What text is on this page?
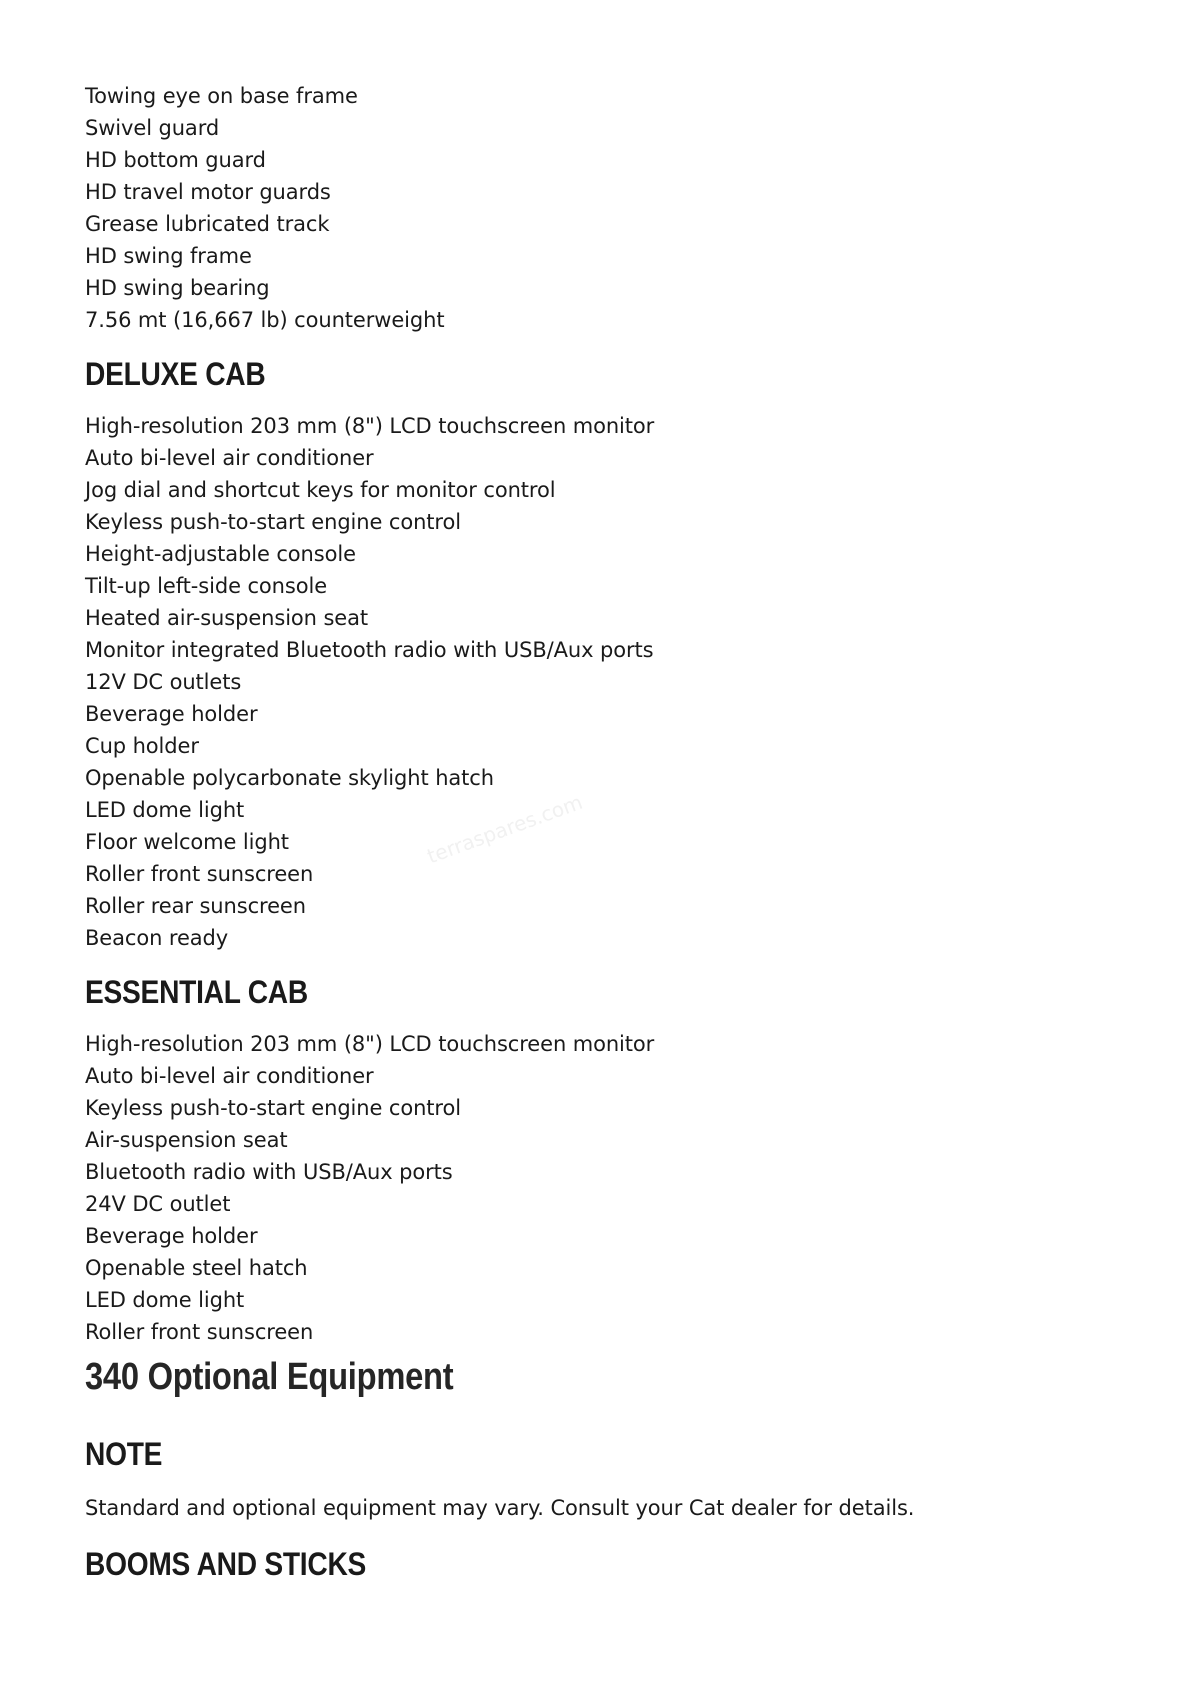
Towing eye on base frame
Swivel guard
HD bottom guard
HD travel motor guards
Grease lubricated track
HD swing frame
HD swing bearing
7.56 mt (16,667 lb) counterweight
DELUXE CAB
High-resolution 203 mm (8") LCD touchscreen monitor
Auto bi-level air conditioner
Jog dial and shortcut keys for monitor control
Keyless push-to-start engine control
Height-adjustable console
Tilt-up left-side console
Heated air-suspension seat
Monitor integrated Bluetooth radio with USB/Aux ports
12V DC outlets
Beverage holder
Cup holder
Openable polycarbonate skylight hatch
LED dome light
Floor welcome light
Roller front sunscreen
Roller rear sunscreen
Beacon ready
ESSENTIAL CAB
High-resolution 203 mm (8") LCD touchscreen monitor
Auto bi-level air conditioner
Keyless push-to-start engine control
Air-suspension seat
Bluetooth radio with USB/Aux ports
24V DC outlet
Beverage holder
Openable steel hatch
LED dome light
Roller front sunscreen
340 Optional Equipment
NOTE
Standard and optional equipment may vary. Consult your Cat dealer for details.
BOOMS AND STICKS
terraspares.com
